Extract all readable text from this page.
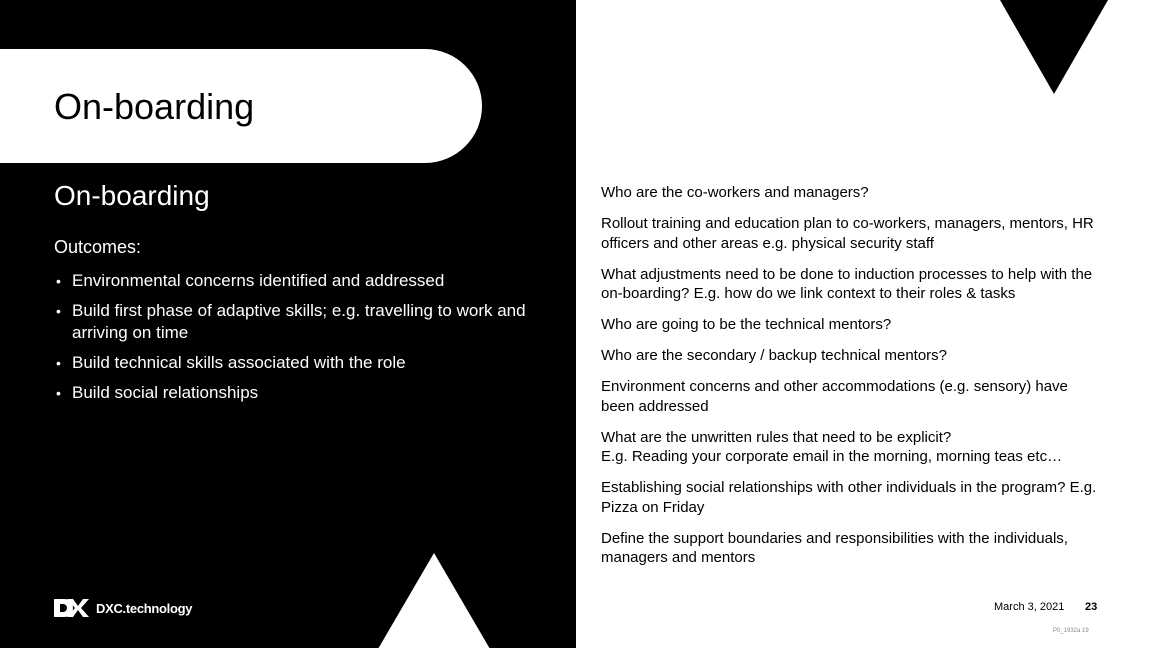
On-boarding
On-boarding
Outcomes:
• Environmental concerns identified and addressed
• Build first phase of adaptive skills; e.g. travelling to work and arriving on time
• Build technical skills associated with the role
• Build social relationships
DXC.technology
Who are the co-workers and managers?
Rollout training and education plan to co-workers, managers, mentors, HR officers and other areas e.g. physical security staff
What adjustments need to be done to induction processes to help with the on-boarding? E.g. how do we link context to their roles & tasks
Who are going to be the technical mentors?
Who are the secondary / backup technical mentors?
Environment concerns and other accommodations (e.g. sensory) have been addressed
What are the unwritten rules that need to be explicit?
E.g. Reading your corporate email in the morning, morning teas etc…
Establishing social relationships with other individuals in the program? E.g. Pizza on Friday
Define the support boundaries and responsibilities with the individuals, managers and mentors
March 3, 2021 23
P0_1932a 19
